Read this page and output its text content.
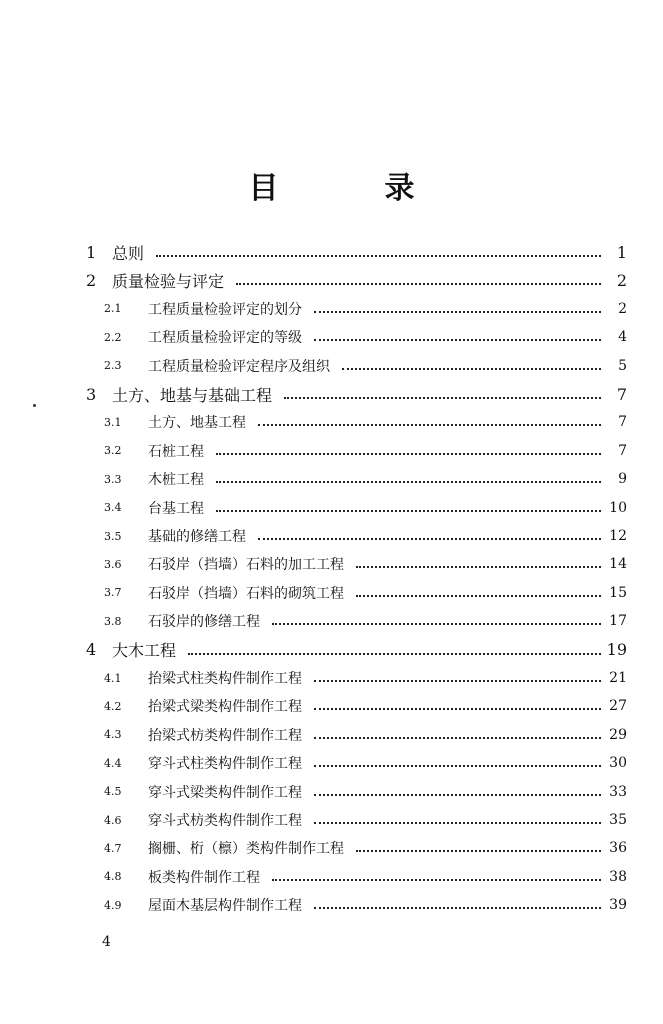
目　录
1 总则	1
2 质量检验与评定	2
2.1	工程质量检验评定的划分	2
2.2	工程质量检验评定的等级	4
2.3	工程质量检验评定程序及组织	5
3 土方、地基与基础工程	7
3.1	土方、地基工程	7
3.2	石桩工程	7
3.3	木桩工程	9
3.4	台基工程	10
3.5	基础的修缮工程	12
3.6	石驳岸（挡墙）石料的加工工程	14
3.7	石驳岸（挡墙）石料的砌筑工程	15
3.8	石驳岸的修缮工程	17
4 大木工程	19
4.1	抬梁式柱类构件制作工程	21
4.2	抬梁式梁类构件制作工程	27
4.3	抬梁式枋类构件制作工程	29
4.4	穿斗式柱类构件制作工程	30
4.5	穿斗式梁类构件制作工程	33
4.6	穿斗式枋类构件制作工程	35
4.7	搁栅、桁（檩）类构件制作工程	36
4.8	板类构件制作工程	38
4.9	屋面木基层构件制作工程	39
4
